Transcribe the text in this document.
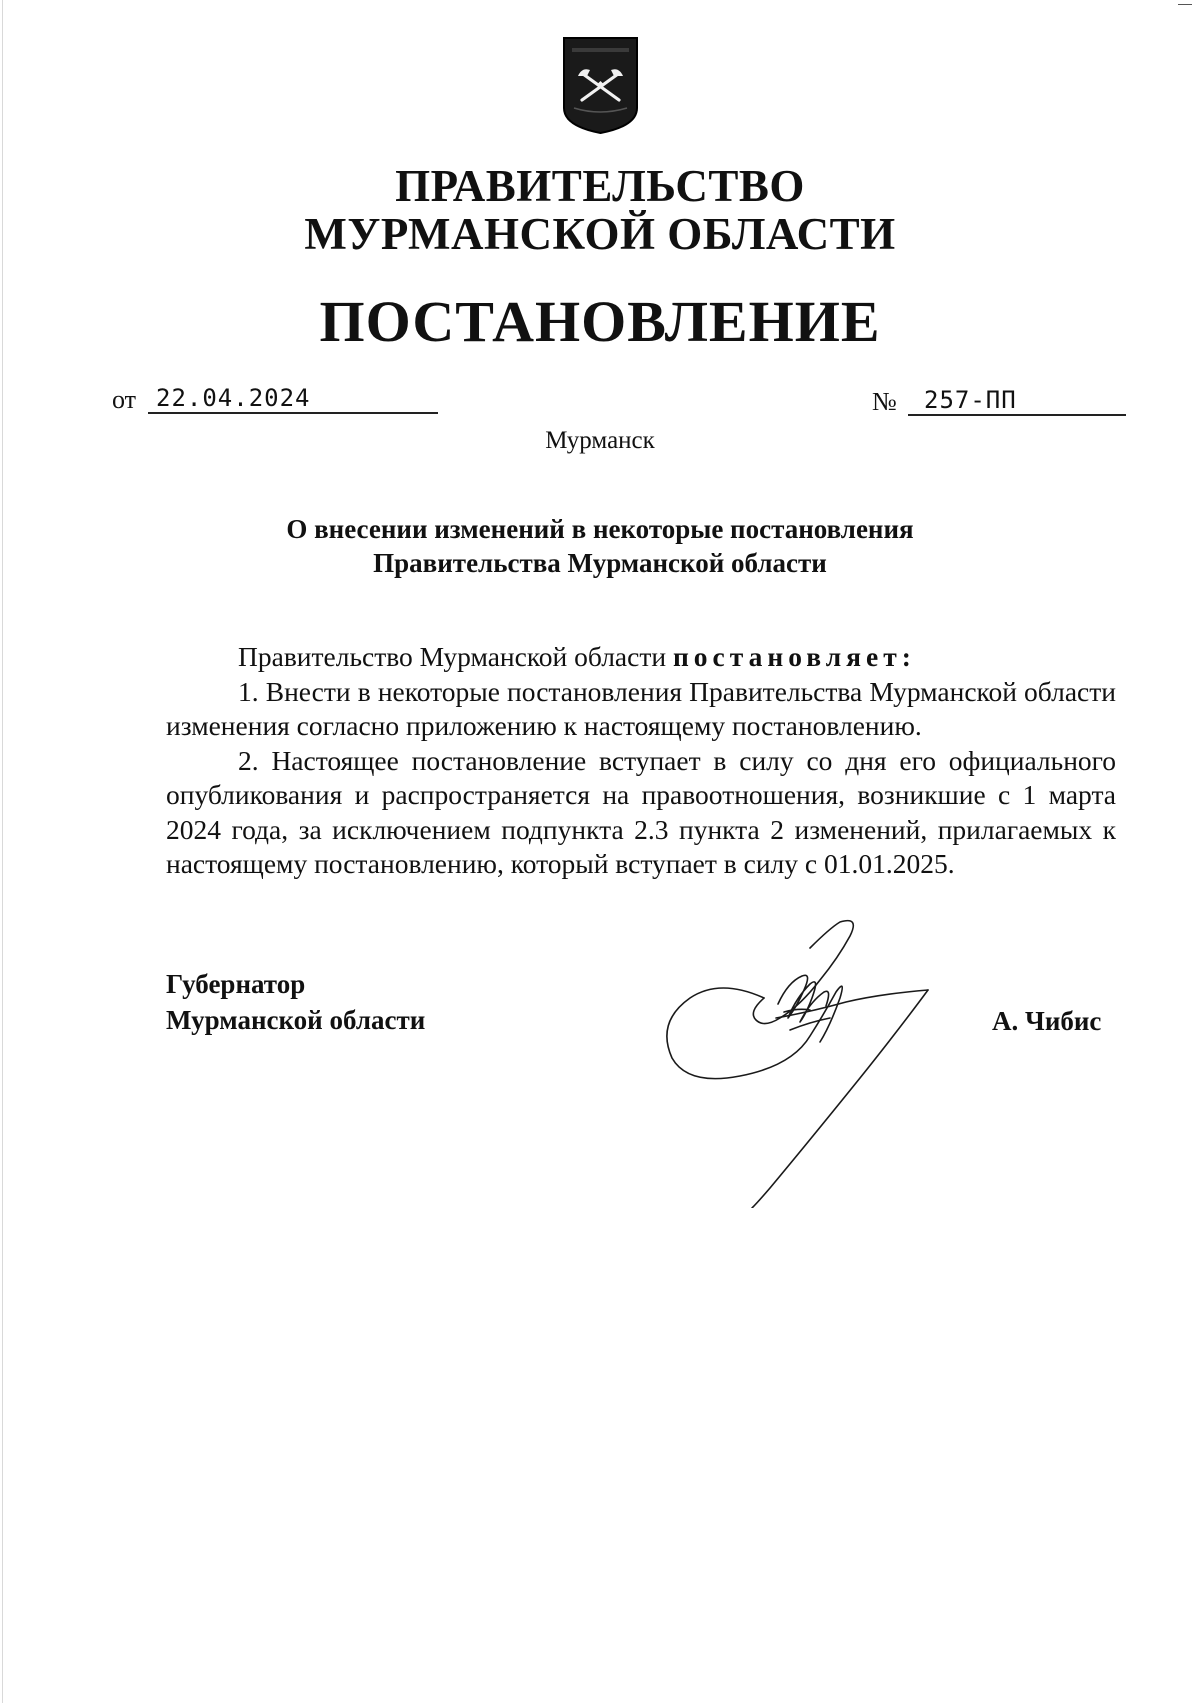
ПРАВИТЕЛЬСТВО
МУРМАНСКОЙ ОБЛАСТИ
ПОСТАНОВЛЕНИЕ
от 22.04.2024	№ 257-ПП
Мурманск
О внесении изменений в некоторые постановления
Правительства Мурманской области

Правительство Мурманской области постановляет:

1. Внести в некоторые постановления Правительства Мурманской области изменения согласно приложению к настоящему постановлению.

2. Настоящее постановление вступает в силу со дня его официального опубликования и распространяется на правоотношения, возникшие с 1 марта 2024 года, за исключением подпункта 2.3 пункта 2 изменений, прилагаемых к настоящему постановлению, который вступает в силу с 01.01.2025.

Губернатор
Мурманской области	А. Чибис
